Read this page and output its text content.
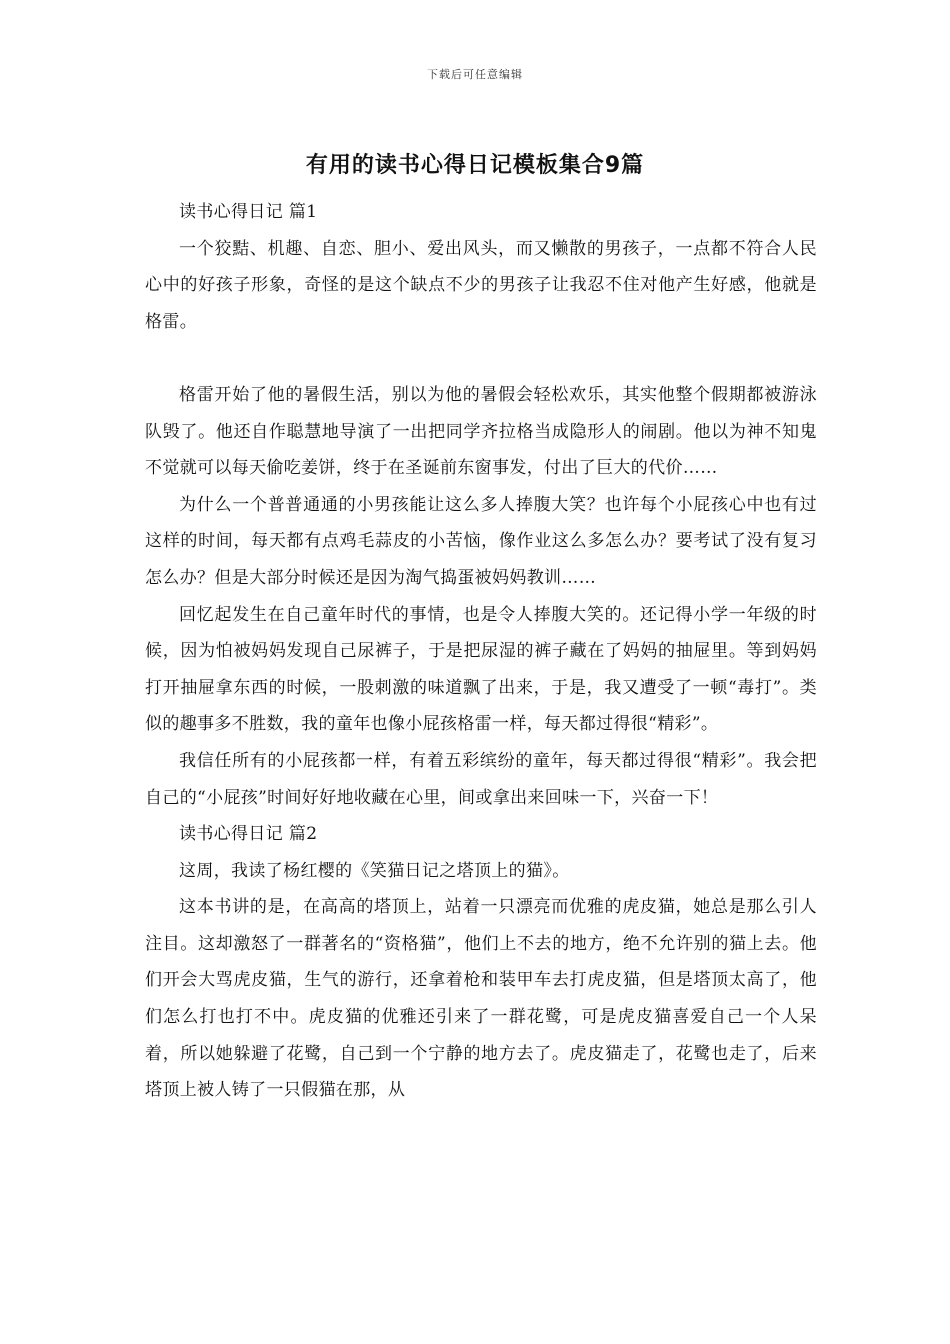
下载后可任意编辑
有用的读书心得日记模板集合9篇

读书心得日记 篇1

一个狡黠、机趣、自恋、胆小、爱出风头，而又懒散的男孩子，一点都不符合人民心中的好孩子形象，奇怪的是这个缺点不少的男孩子让我忍不住对他产生好感，他就是格雷。

格雷开始了他的暑假生活，别以为他的暑假会轻松欢乐，其实他整个假期都被游泳队毁了。他还自作聪慧地导演了一出把同学齐拉格当成隐形人的闹剧。他以为神不知鬼不觉就可以每天偷吃姜饼，终于在圣诞前东窗事发，付出了巨大的代价……

为什么一个普普通通的小男孩能让这么多人捧腹大笑？也许每个小屁孩心中也有过这样的时间，每天都有点鸡毛蒜皮的小苦恼，像作业这么多怎么办？要考试了没有复习怎么办？但是大部分时候还是因为淘气捣蛋被妈妈教训……

回忆起发生在自己童年时代的事情，也是令人捧腹大笑的。还记得小学一年级的时候，因为怕被妈妈发现自己尿裤子，于是把尿湿的裤子藏在了妈妈的抽屉里。等到妈妈打开抽屉拿东西的时候，一股刺激的味道飘了出来，于是，我又遭受了一顿“毒打”。类似的趣事多不胜数，我的童年也像小屁孩格雷一样，每天都过得很“精彩”。

我信任所有的小屁孩都一样，有着五彩缤纷的童年，每天都过得很“精彩”。我会把自己的“小屁孩”时间好好地收藏在心里，间或拿出来回味一下，兴奋一下！

读书心得日记 篇2

这周，我读了杨红樱的《笑猫日记之塔顶上的猫》。

这本书讲的是，在高高的塔顶上，站着一只漂亮而优雅的虎皮猫，她总是那么引人注目。这却激怒了一群著名的“资格猫”，他们上不去的地方，绝不允许别的猫上去。他们开会大骂虎皮猫，生气的游行，还拿着枪和装甲车去打虎皮猫，但是塔顶太高了，他们怎么打也打不中。虎皮猫的优雅还引来了一群花鹭，可是虎皮猫喜爱自己一个人呆着，所以她躲避了花鹭，自己到一个宁静的地方去了。虎皮猫走了，花鹭也走了，后来塔顶上被人铸了一只假猫在那，从
